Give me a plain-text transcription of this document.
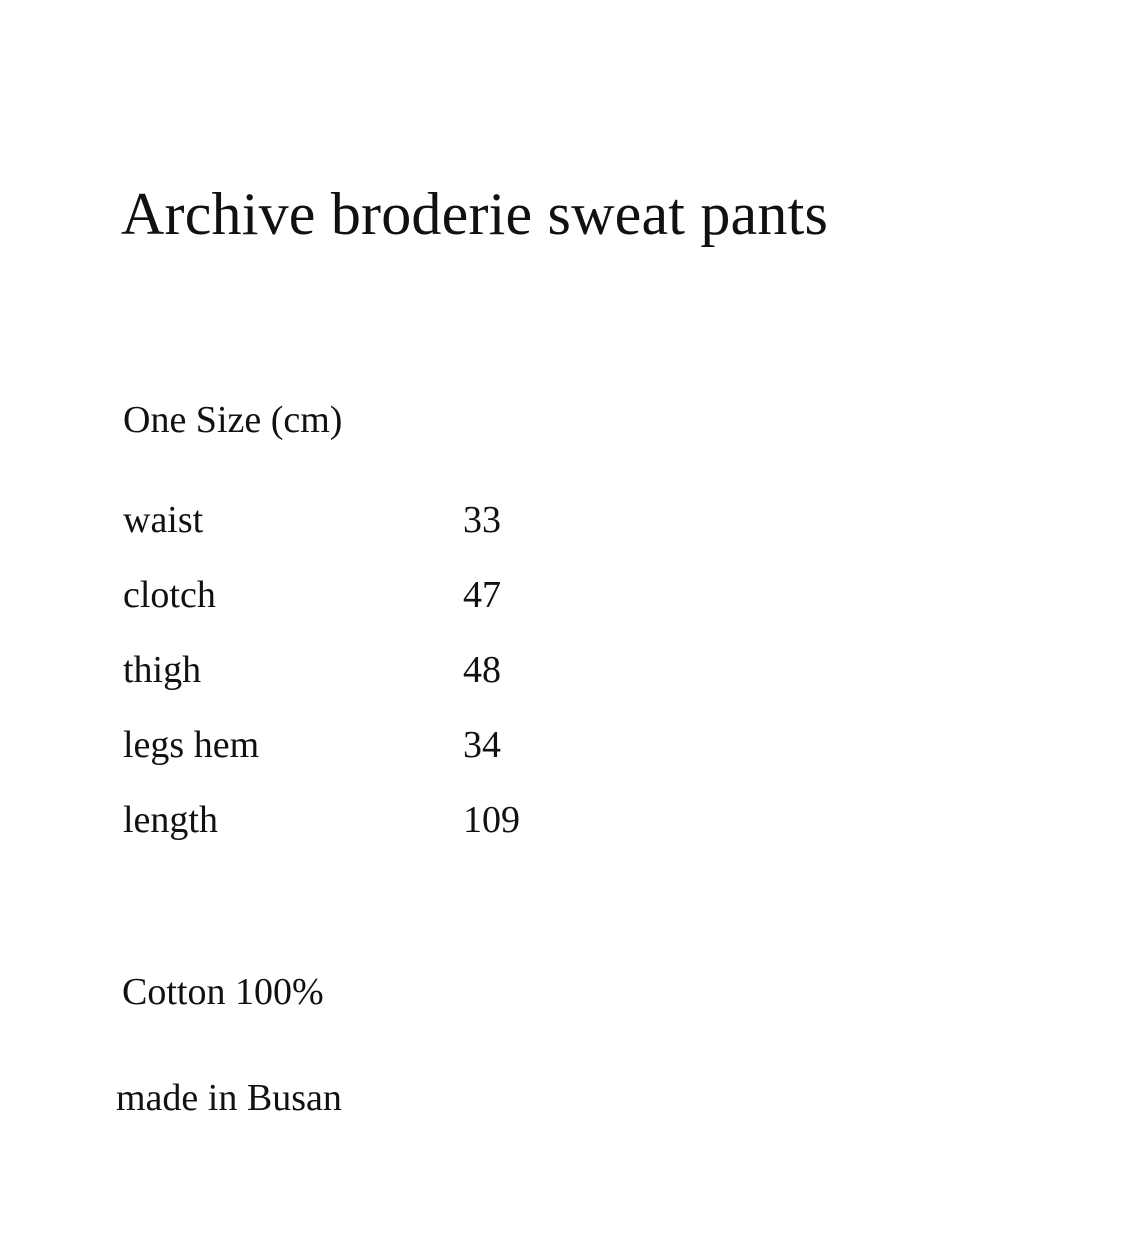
Archive broderie sweat pants
One Size (cm)
waist	33
clotch	47
thigh	48
legs hem	34
length	109
Cotton 100%
made in Busan
